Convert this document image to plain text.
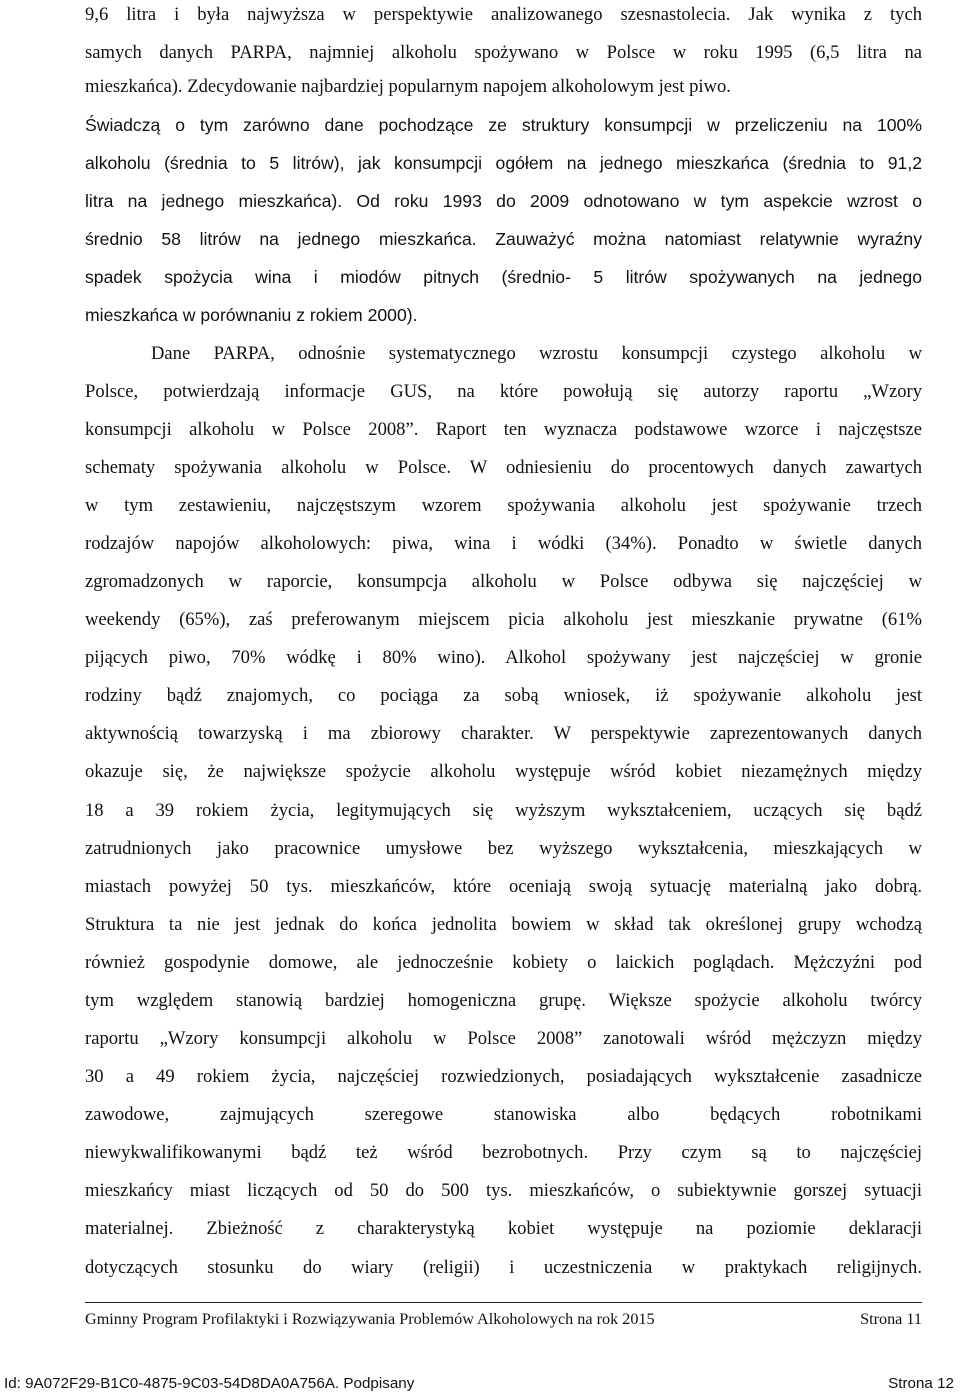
9,6 litra i była najwyższa w perspektywie analizowanego szesnastolecia. Jak wynika z tych

samych danych PARPA, najmniej alkoholu spożywano w Polsce w roku 1995 (6,5 litra na

mieszkańca). Zdecydowanie najbardziej popularnym napojem alkoholowym jest piwo.

Świadczą o tym zarówno dane pochodzące ze struktury konsumpcji w przeliczeniu na 100%

alkoholu (średnia to 5 litrów), jak konsumpcji ogółem na jednego mieszkańca (średnia to 91,2

litra na jednego mieszkańca). Od roku 1993 do 2009 odnotowano w tym aspekcie wzrost o

średnio 58 litrów na jednego mieszkańca. Zauważyć można natomiast relatywnie wyraźny

spadek spożycia wina i miodów pitnych (średnio- 5 litrów spożywanych na jednego

mieszkańca w porównaniu z rokiem 2000).

Dane PARPA, odnośnie systematycznego wzrostu konsumpcji czystego alkoholu w

Polsce, potwierdzają informacje GUS, na które powołują się autorzy raportu „Wzory

konsumpcji alkoholu w Polsce 2008”. Raport ten wyznacza podstawowe wzorce i najczęstsze

schematy spożywania alkoholu w Polsce. W odniesieniu do procentowych danych zawartych

w tym zestawieniu, najczęstszym wzorem spożywania alkoholu jest spożywanie trzech

rodzajów napojów alkoholowych: piwa, wina i wódki (34%). Ponadto w świetle danych

zgromadzonych w raporcie, konsumpcja alkoholu w Polsce odbywa się najczęściej w

weekendy (65%), zaś preferowanym miejscem picia alkoholu jest mieszkanie prywatne (61%

pijących piwo, 70% wódkę i 80% wino). Alkohol spożywany jest najczęściej w gronie

rodziny bądź znajomych, co pociąga za sobą wniosek, iż spożywanie alkoholu jest

aktywnością towarzyską i ma zbiorowy charakter. W perspektywie zaprezentowanych danych

okazuje się, że największe spożycie alkoholu występuje wśród kobiet niezamężnych między

18 a 39 rokiem życia, legitymujących się wyższym wykształceniem, uczących się bądź

zatrudnionych jako pracownice umysłowe bez wyższego wykształcenia, mieszkających w

miastach powyżej 50 tys. mieszkańców, które oceniają swoją sytuację materialną jako dobrą.

Struktura ta nie jest jednak do końca jednolita bowiem w skład tak określonej grupy wchodzą

również gospodynie domowe, ale jednocześnie kobiety o laickich poglądach. Mężczyźni pod

tym względem stanowią bardziej homogeniczna grupę. Większe spożycie alkoholu twórcy

raportu „Wzory konsumpcji alkoholu w Polsce 2008” zanotowali wśród mężczyzn między

30 a 49 rokiem życia, najczęściej rozwiedzionych, posiadających wykształcenie zasadnicze

zawodowe, zajmujących szeregowe stanowiska albo będących robotnikami

niewykwalifikowanymi bądź też wśród bezrobotnych. Przy czym są to najczęściej

mieszkańcy miast liczących od 50 do 500 tys. mieszkańców, o subiektywnie gorszej sytuacji

materialnej. Zbieżność z charakterystyką kobiet występuje na poziomie deklaracji

dotyczących stosunku do wiary (religii) i uczestniczenia w praktykach religijnych.

Gminny Program Profilaktyki i Rozwiązywania Problemów Alkoholowych na rok 2015	Strona 11
Id: 9A072F29-B1C0-4875-9C03-54D8DA0A756A. Podpisany	Strona 12
